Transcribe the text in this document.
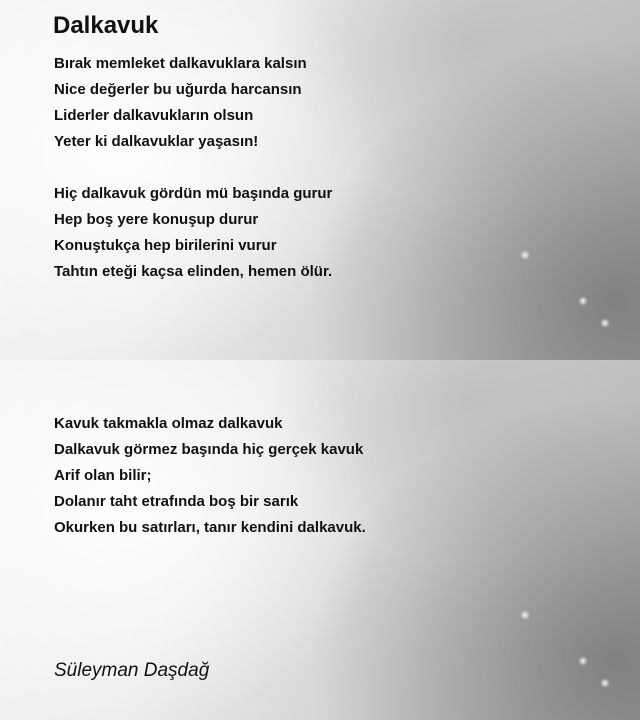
Dalkavuk
Bırak memleket dalkavuklara kalsın
Nice değerler bu uğurda harcansın
Liderler dalkavukların olsun
Yeter ki dalkavuklar yaşasın!
Hiç dalkavuk gördün mü başında gurur
Hep boş yere konuşup durur
Konuştukça hep birilerini vurur
Tahtın eteği kaçsa elinden, hemen ölür.
Kavuk takmakla olmaz dalkavuk
Dalkavuk görmez başında hiç gerçek kavuk
Arif olan bilir;
Dolanır taht etrafında boş bir sarık
Okurken bu satırları, tanır kendini dalkavuk.

Süleyman Daşdağ
